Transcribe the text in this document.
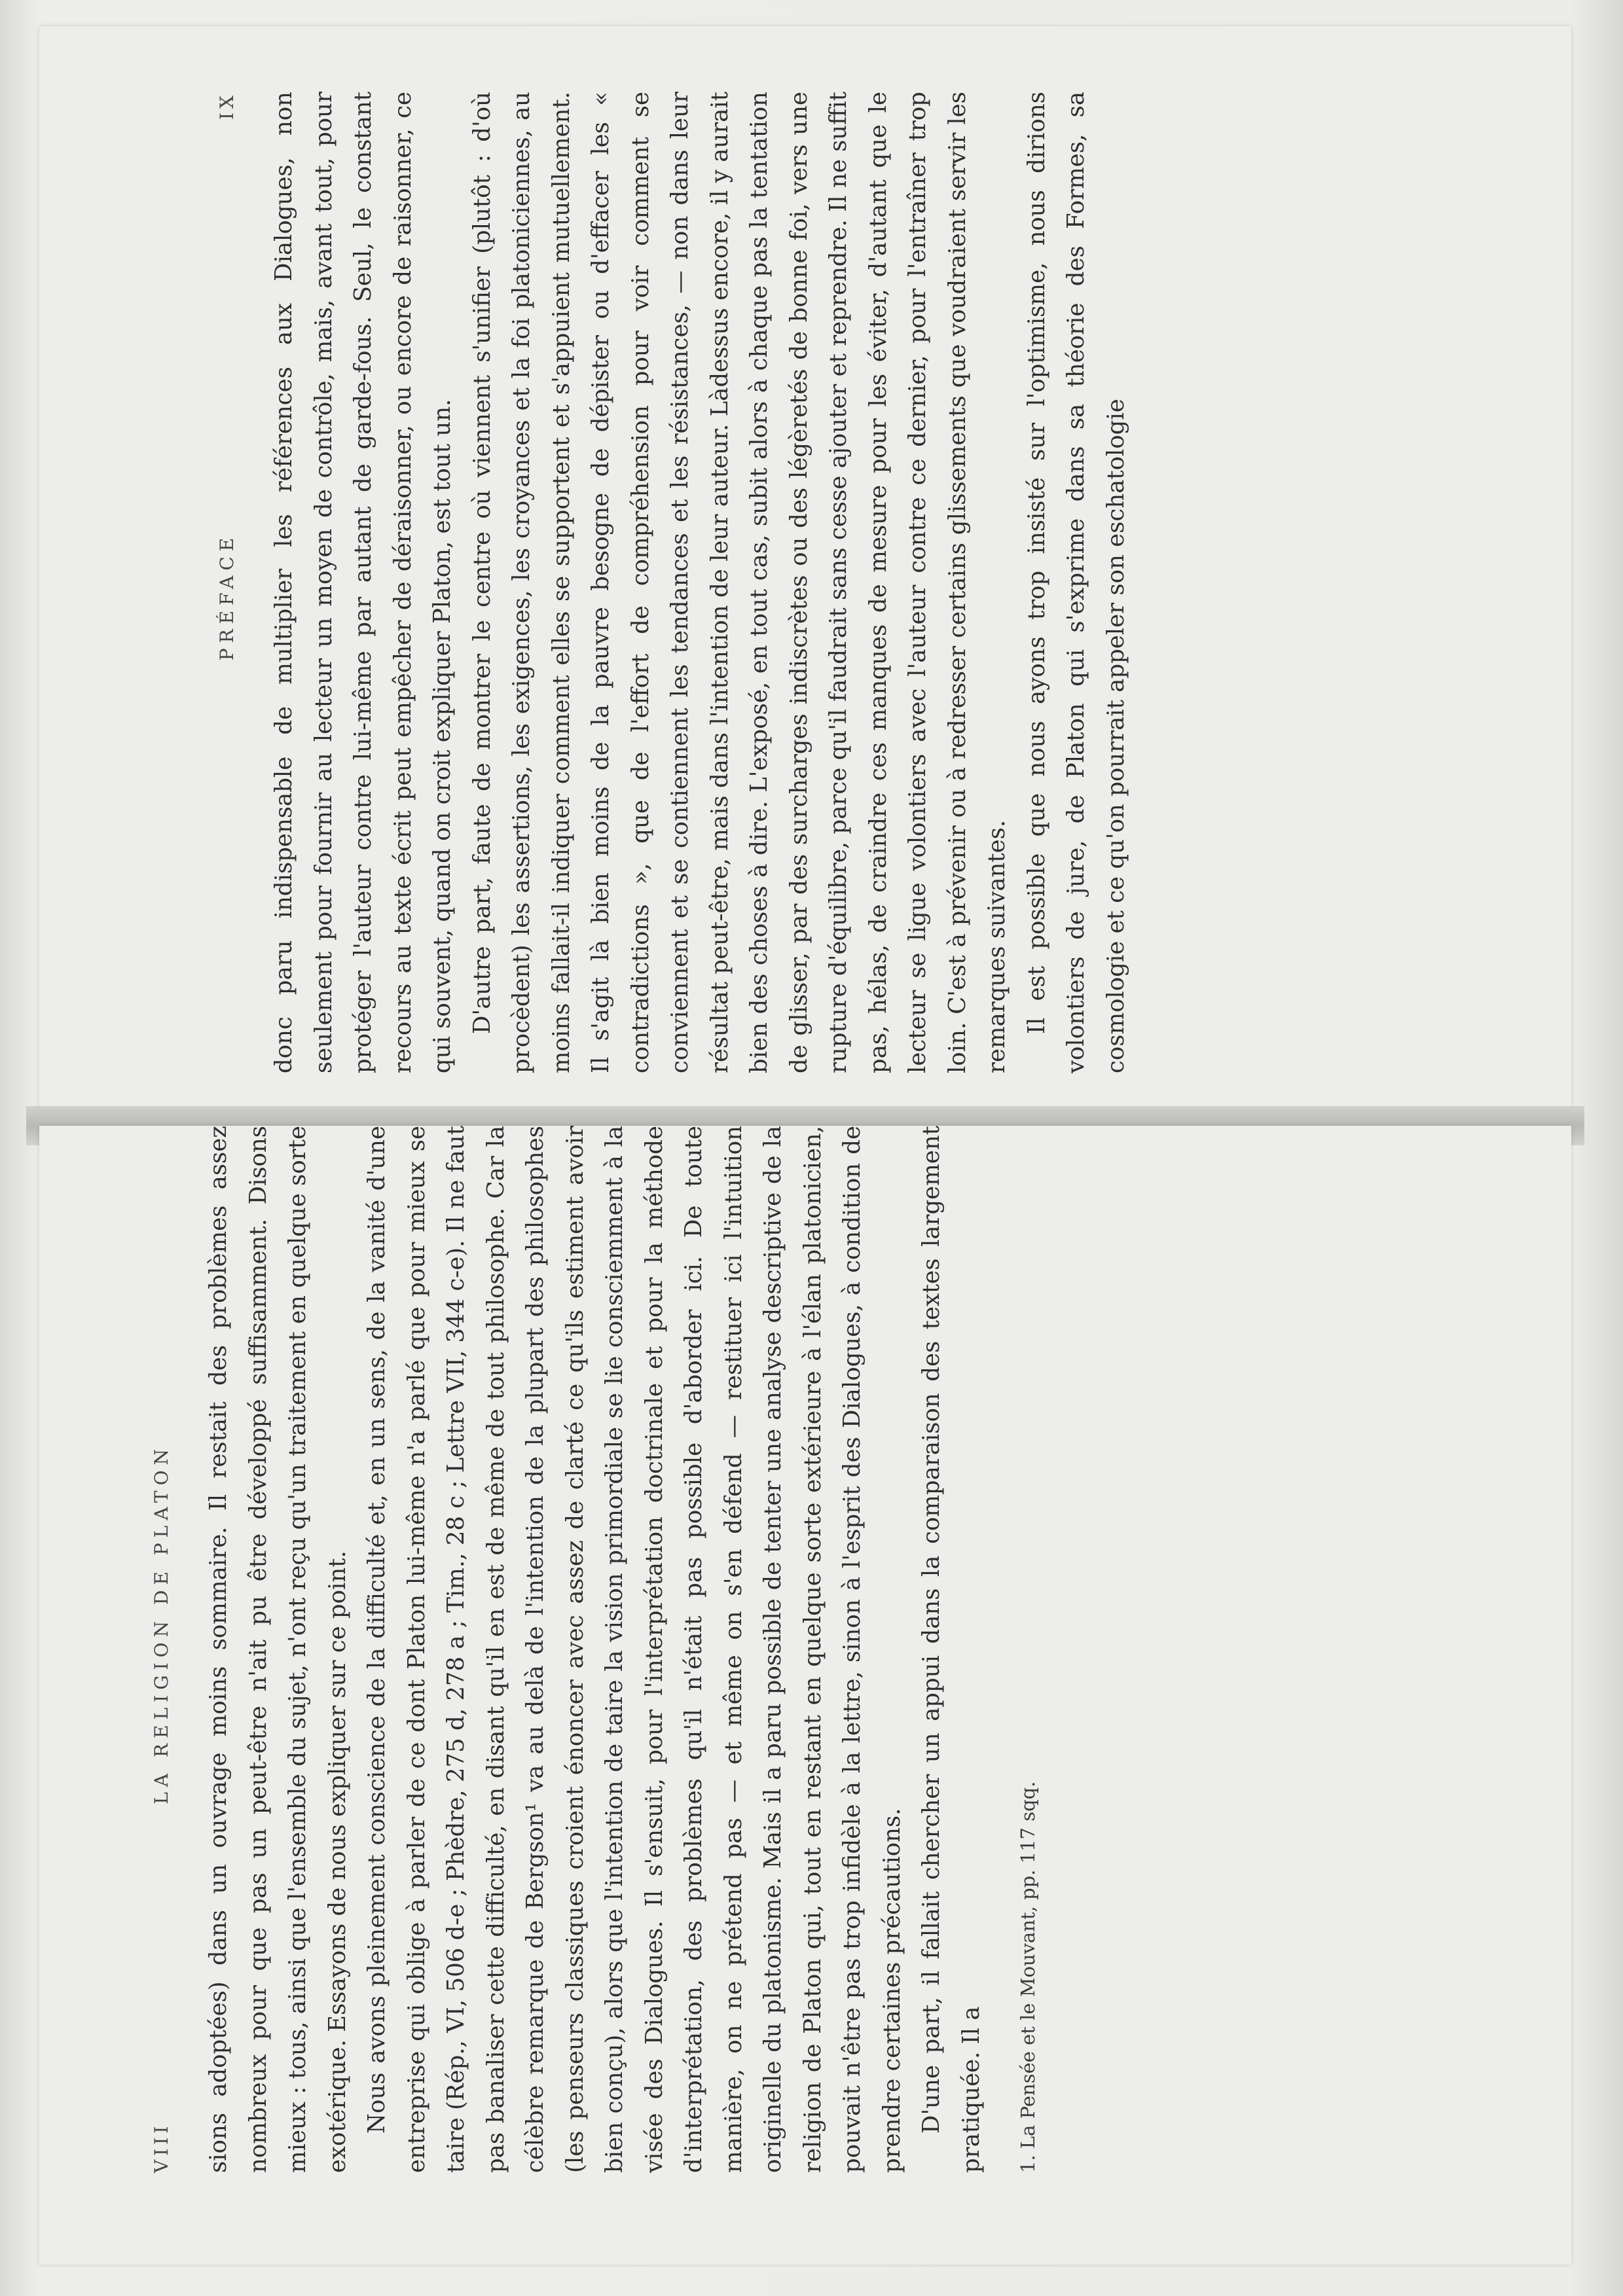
VIII
LA RELIGION DE PLATON sions adoptées) dans un ouvrage moins sommaire. Il restait des problèmes assez nombreux pour que pas un peut-être n'ait pu être développé suffisamment. Disons mieux : tous, ainsi que l'ensemble du sujet, n'ont reçu qu'un traitement en quelque sorte exotérique. Essayons de nous expliquer sur ce point. Nous avons pleinement conscience de la difficulté et, en un sens, de la vanité d'une entreprise qui oblige à parler de ce dont Platon lui-même n'a parlé que pour mieux se taire (Rép., VI, 506 d-e ; Phèdre, 275 d, 278 a ; Tim., 28 c ; Lettre VII, 344 c-e). Il ne faut pas banaliser cette difficulté, en disant qu'il en est de même de tout philosophe. Car la célèbre remarque de Bergson¹ va au delà de l'intention de la plupart des philosophes (les penseurs classiques croient énoncer avec assez de clarté ce qu'ils estiment avoir bien conçu), alors que l'intention de taire la vision primordiale se lie consciemment à la visée des Dialogues. Il s'ensuit, pour l'interprétation doctrinale et pour la méthode d'interprétation, des problèmes qu'il n'était pas possible d'aborder ici. De toute manière, on ne prétend pas — et même on s'en défend — restituer ici l'intuition originelle du platonisme. Mais il a paru possible de tenter une analyse descriptive de la religion de Platon qui, tout en restant en quelque sorte extérieure à l'élan platonicien, pouvait n'être pas trop infidèle à la lettre, sinon à l'esprit des Dialogues, à condition de prendre certaines précautions. D'une part, il fallait chercher un appui dans la comparaison des textes largement pratiquée. Il a	1. La Pensée et le Mouvant, pp. 117 sqq.
PRÉFACE
IX donc paru indispensable de multiplier les références aux Dialogues, non seulement pour fournir au lecteur un moyen de contrôle, mais, avant tout, pour protéger l'auteur contre lui-même par autant de garde-fous. Seul, le constant recours au texte écrit peut empêcher de déraisonner, ou encore de raisonner, ce qui souvent, quand on croit expliquer Platon, est tout un. D'autre part, faute de montrer le centre où viennent s'unifier (plutôt : d'où procèdent) les assertions, les exigences, les croyances et la foi platoniciennes, au moins fallait-il indiquer comment elles se supportent et s'appuient mutuellement. Il s'agit là bien moins de la pauvre besogne de dépister ou d'effacer les « contradictions », que de l'effort de compréhension pour voir comment se conviennent et se contiennent les tendances et les résistances, — non dans leur résultat peut-être, mais dans l'intention de leur auteur. Làdessus encore, il y aurait bien des choses à dire. L'exposé, en tout cas, subit alors à chaque pas la tentation de glisser, par des surcharges indiscrètes ou des légèretés de bonne foi, vers une rupture d'équilibre, parce qu'il faudrait sans cesse ajouter et reprendre. Il ne suffit pas, hélas, de craindre ces manques de mesure pour les éviter, d'autant que le lecteur se ligue volontiers avec l'auteur contre ce dernier, pour l'entraîner trop loin. C'est à prévenir ou à redresser certains glissements que voudraient servir les remarques suivantes. Il est possible que nous ayons trop insisté sur l'optimisme, nous dirions volontiers de jure, de Platon qui s'exprime dans sa théorie des Formes, sa cosmologie et ce qu'on pourrait appeler son eschatologie
